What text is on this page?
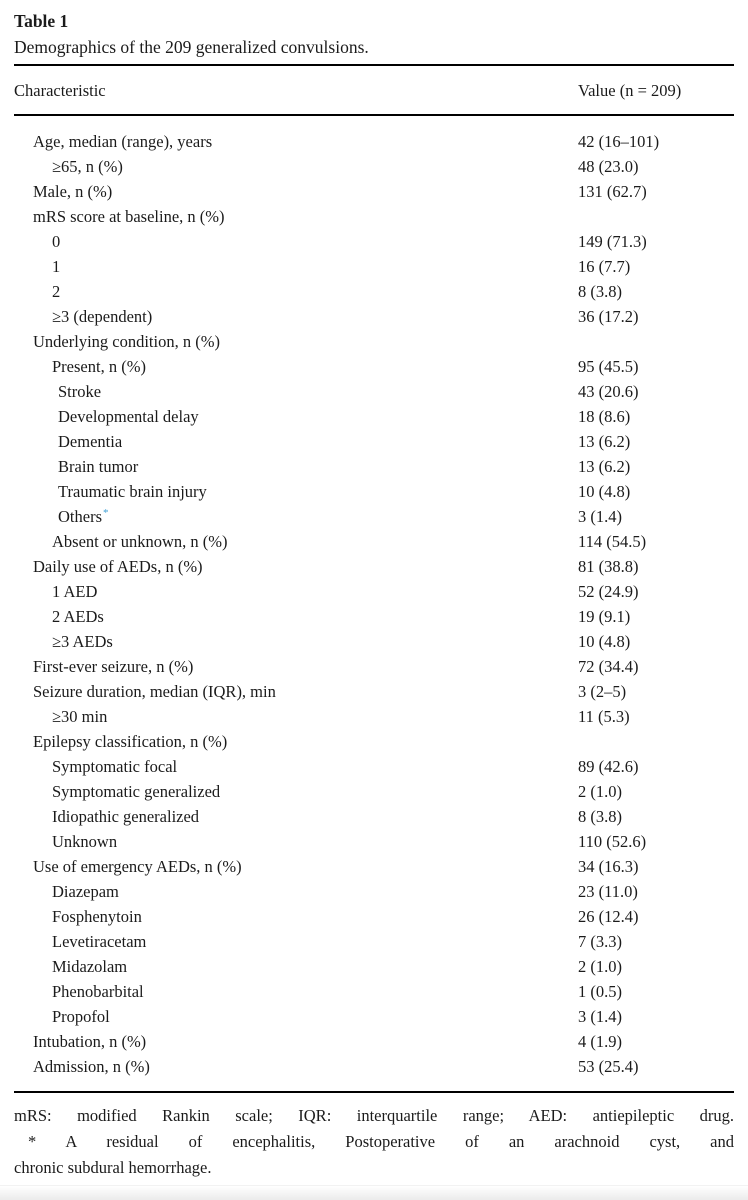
Table 1
Demographics of the 209 generalized convulsions.
Characteristic	Value (n = 209)
Age, median (range), years	42 (16–101)
≥65, n (%)	48 (23.0)
Male, n (%)	131 (62.7)
mRS score at baseline, n (%)	
0	149 (71.3)
1	16 (7.7)
2	8 (3.8)
≥3 (dependent)	36 (17.2)
Underlying condition, n (%)	
Present, n (%)	95 (45.5)
Stroke	43 (20.6)
Developmental delay	18 (8.6)
Dementia	13 (6.2)
Brain tumor	13 (6.2)
Traumatic brain injury	10 (4.8)
Others*	3 (1.4)
Absent or unknown, n (%)	114 (54.5)
Daily use of AEDs, n (%)	81 (38.8)
1 AED	52 (24.9)
2 AEDs	19 (9.1)
≥3 AEDs	10 (4.8)
First-ever seizure, n (%)	72 (34.4)
Seizure duration, median (IQR), min	3 (2–5)
≥30 min	11 (5.3)
Epilepsy classification, n (%)	
Symptomatic focal	89 (42.6)
Symptomatic generalized	2 (1.0)
Idiopathic generalized	8 (3.8)
Unknown	110 (52.6)
Use of emergency AEDs, n (%)	34 (16.3)
Diazepam	23 (11.0)
Fosphenytoin	26 (12.4)
Levetiracetam	7 (3.3)
Midazolam	2 (1.0)
Phenobarbital	1 (0.5)
Propofol	3 (1.4)
Intubation, n (%)	4 (1.9)
Admission, n (%)	53 (25.4)

mRS: modified Rankin scale; IQR: interquartile range; AED: antiepileptic drug.

* A residual of encephalitis, Postoperative of an arachnoid cyst, and

chronic subdural hemorrhage.
